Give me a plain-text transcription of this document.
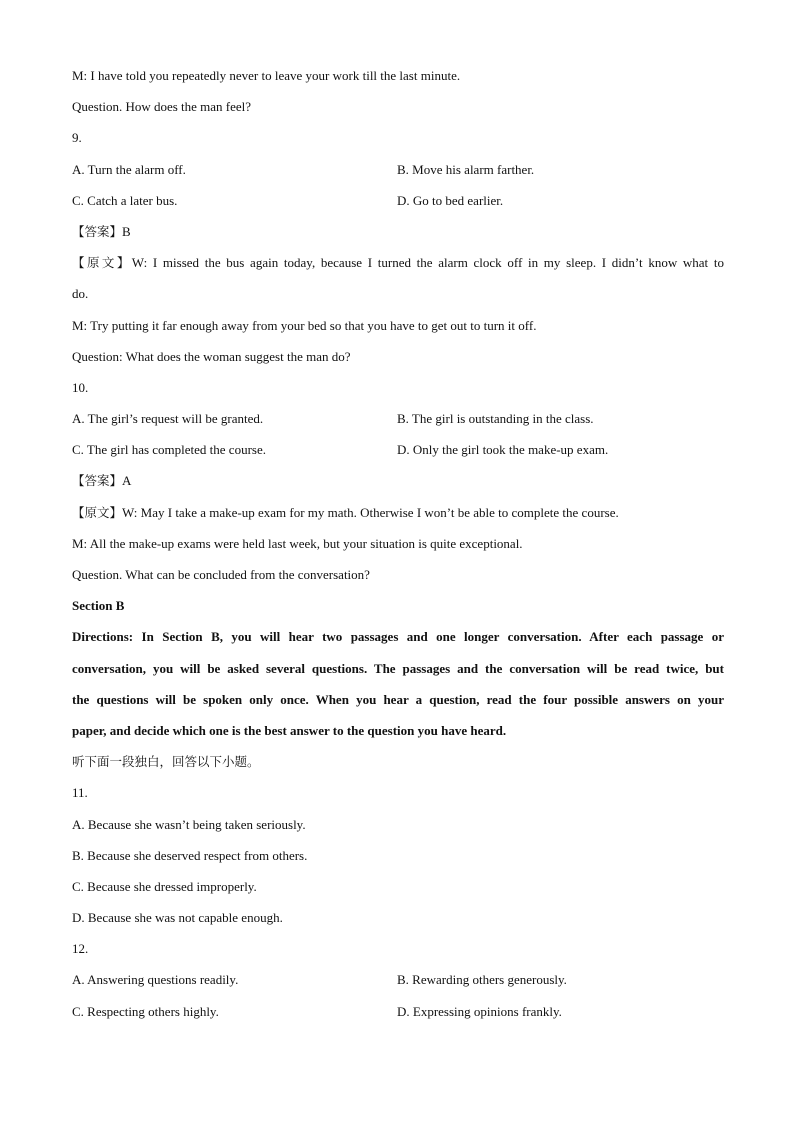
M: I have told you repeatedly never to leave your work till the last minute.
Question. How does the man feel?
9.
A. Turn the alarm off.	B. Move his alarm farther.
C. Catch a later bus.	D. Go to bed earlier.
【答案】B
【原文】W: I missed the bus again today, because I turned the alarm clock off in my sleep. I didn’t know what to
do.
M: Try putting it far enough away from your bed so that you have to get out to turn it off.
Question: What does the woman suggest the man do?
10.
A. The girl’s request will be granted.	B. The girl is outstanding in the class.
C. The girl has completed the course.	D. Only the girl took the make-up exam.
【答案】A
【原文】W: May I take a make-up exam for my math. Otherwise I won’t be able to complete the course.
M: All the make-up exams were held last week, but your situation is quite exceptional.
Question. What can be concluded from the conversation?
Section B
Directions: In Section B, you will hear two passages and one longer conversation. After each passage or
conversation, you will be asked several questions. The passages and the conversation will be read twice, but
the questions will be spoken only once. When you hear a question, read the four possible answers on your
paper, and decide which one is the best answer to the question you have heard.
听下面一段独白，回答以下小题。
11.
A. Because she wasn’t being taken seriously.
B. Because she deserved respect from others.
C. Because she dressed improperly.
D. Because she was not capable enough.
12.
A. Answering questions readily.	B. Rewarding others generously.
C. Respecting others highly.	D. Expressing opinions frankly.
